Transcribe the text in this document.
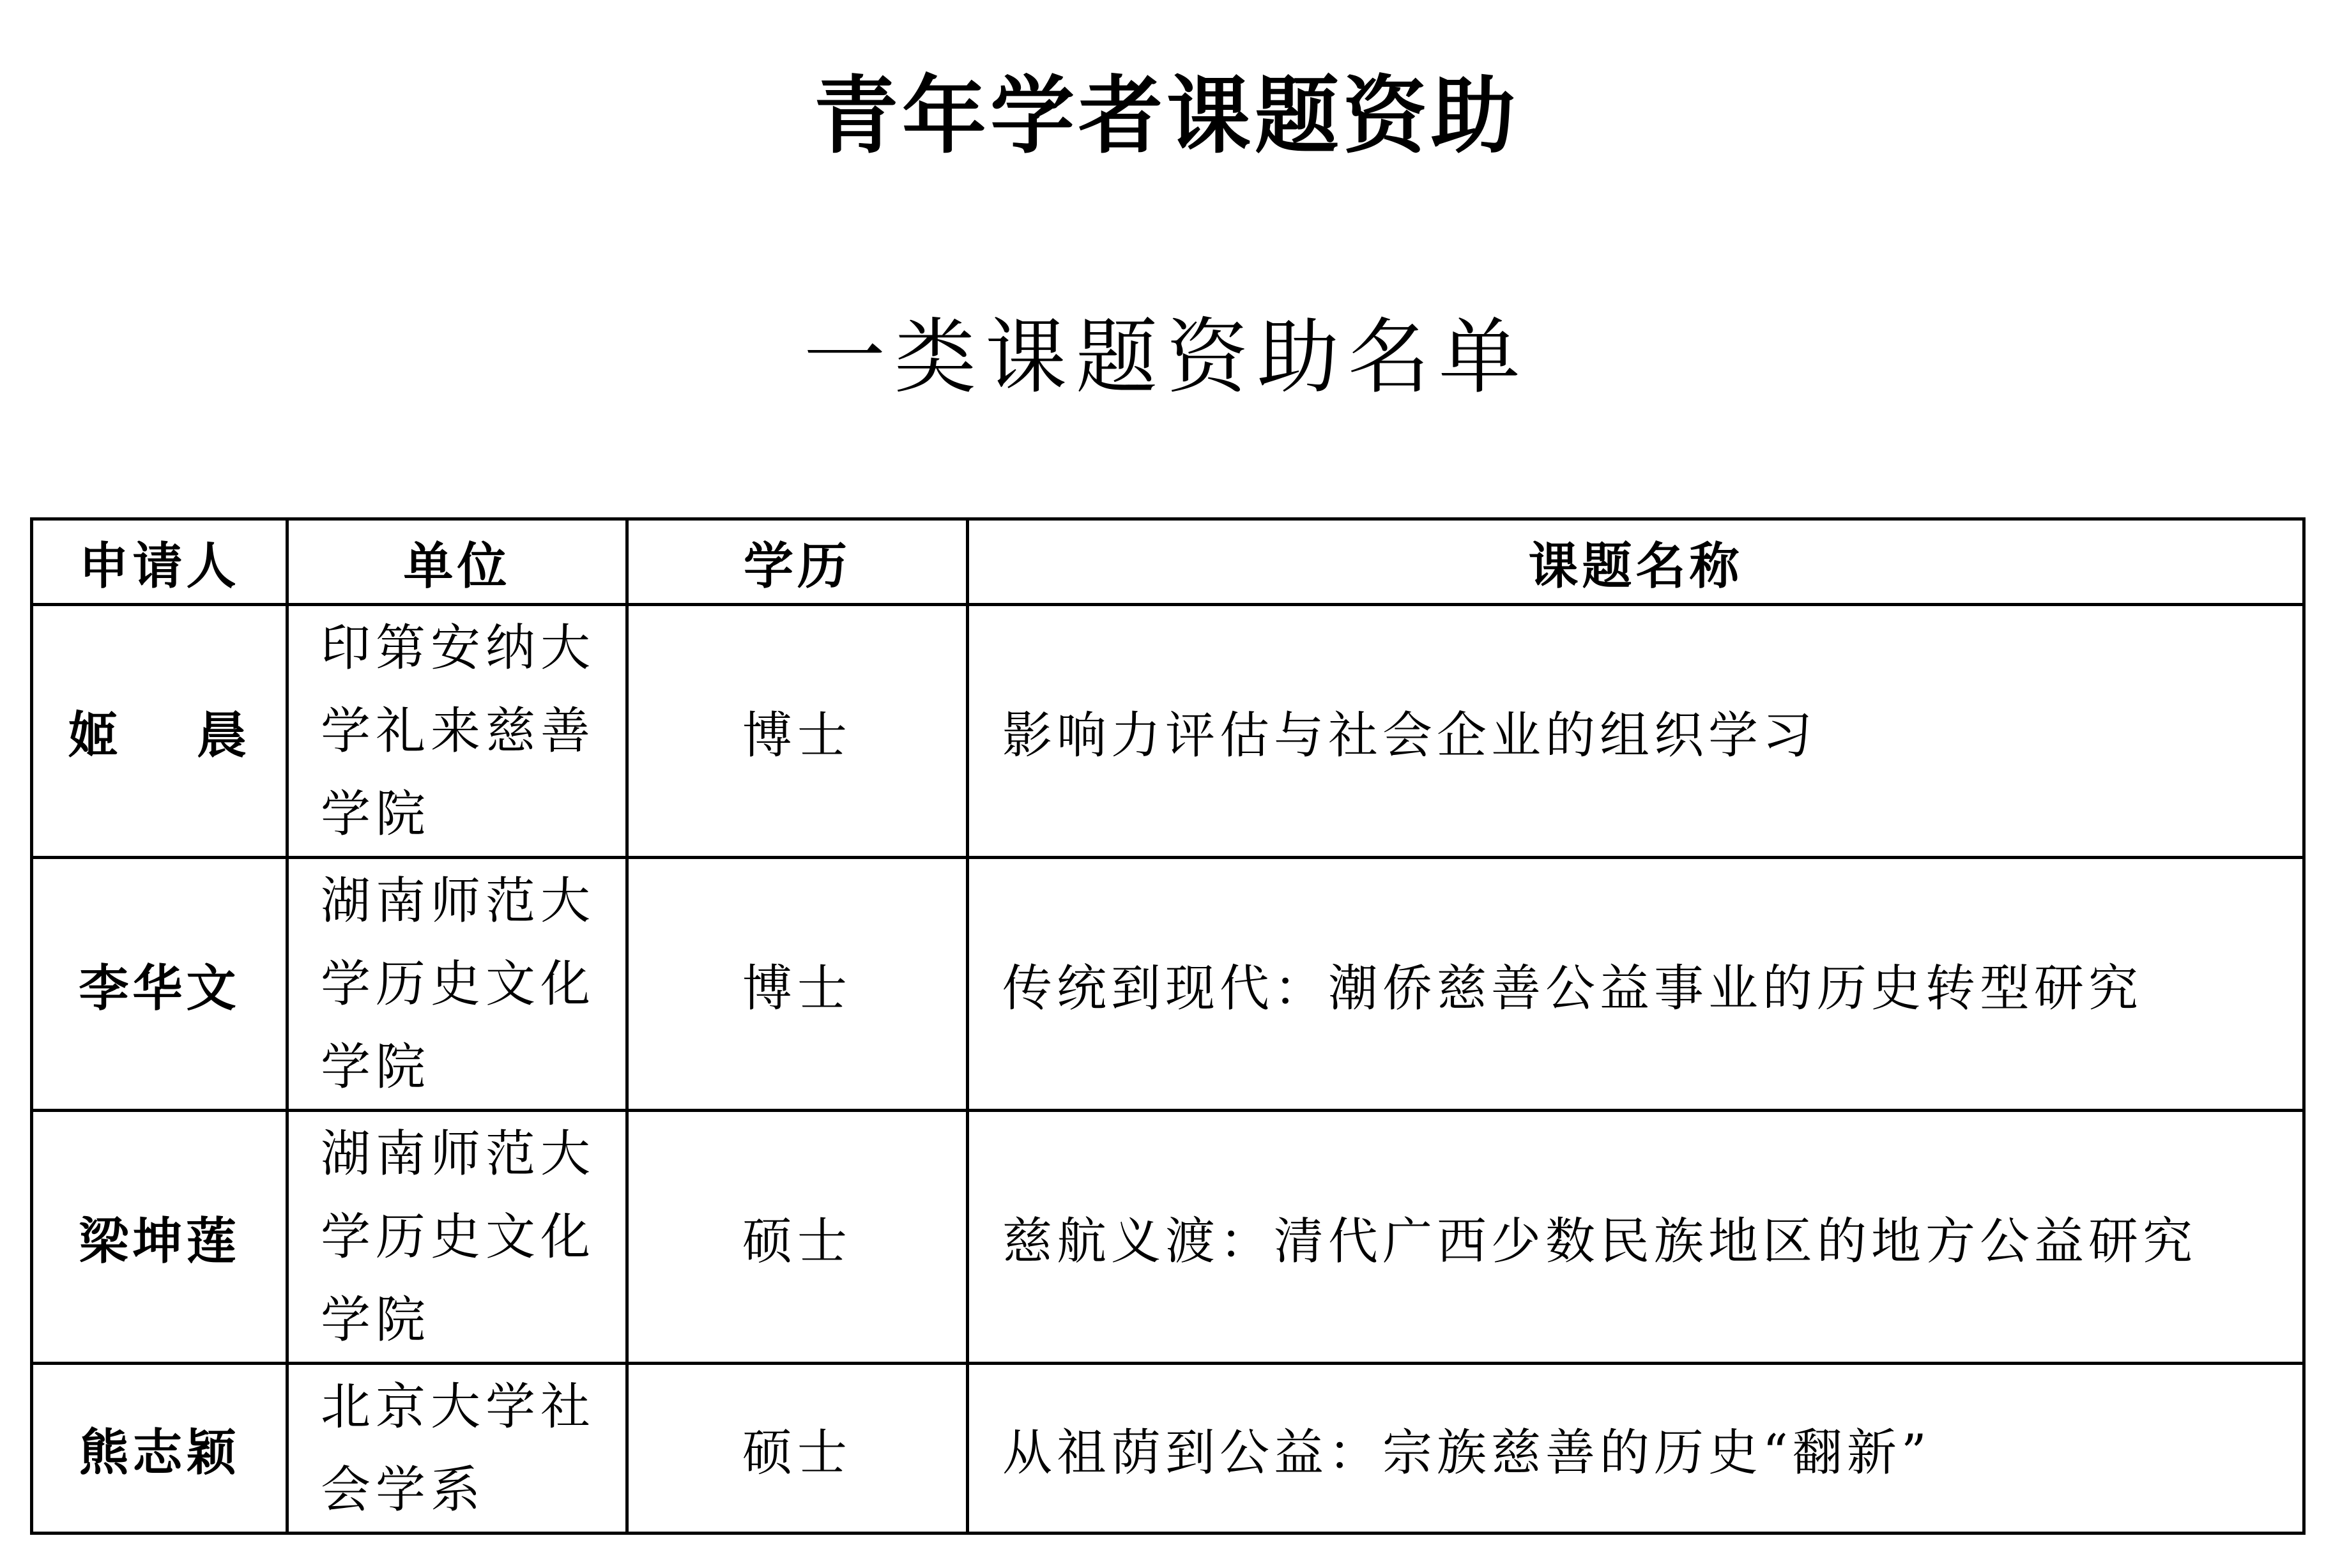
青年学者课题资助
一类课题资助名单
申请人	单位	学历	课题名称
姬　 晨	印第安纳大学礼来慈善学院	博士	影响力评估与社会企业的组织学习
李华文	湖南师范大学历史文化学院	博士	传统到现代：潮侨慈善公益事业的历史转型研究
梁坤莲	湖南师范大学历史文化学院	硕士	慈航义渡：清代广西少数民族地区的地方公益研究
熊志颖	北京大学社会学系	硕士	从祖荫到公益：宗族慈善的历史“翻新”
